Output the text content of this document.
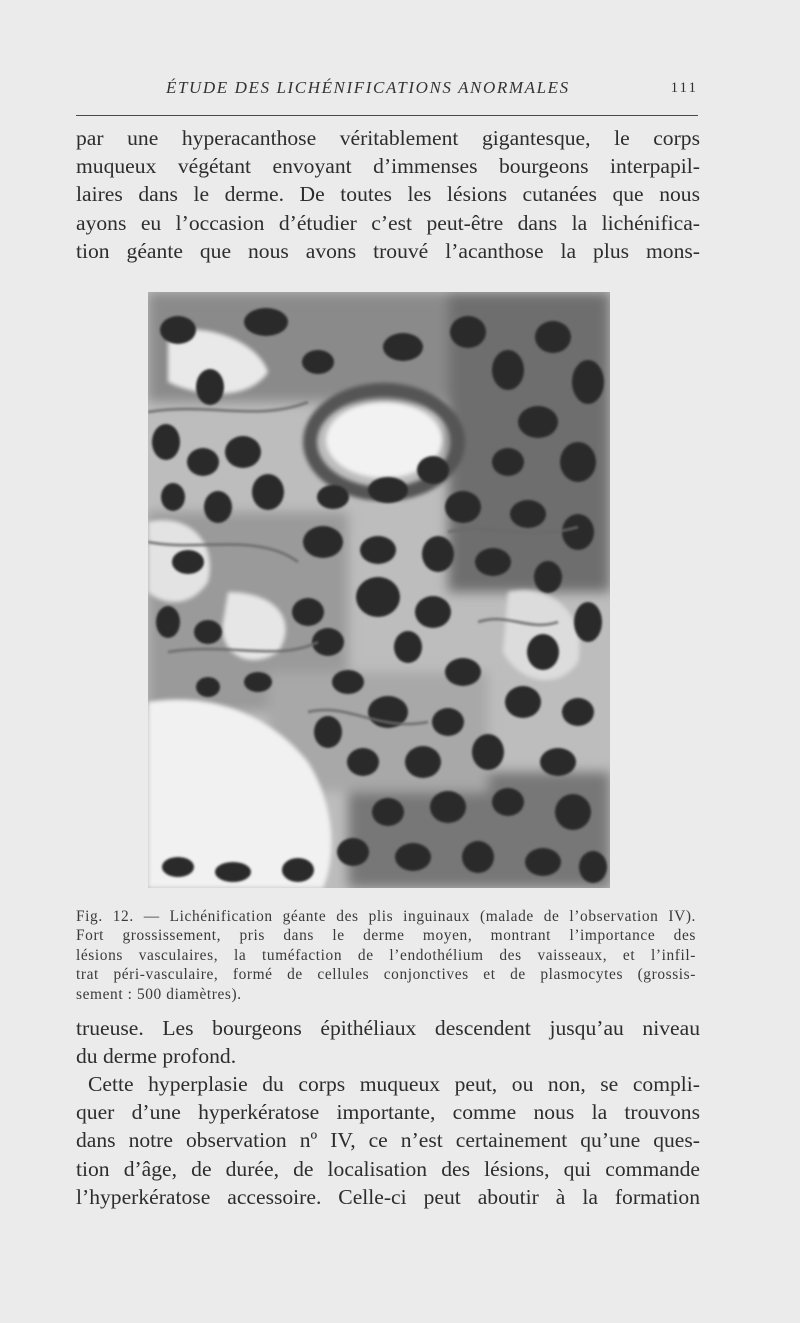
ÉTUDE DES LICHÉNIFICATIONS ANORMALES	111

par une hyperacanthose véritablement gigantesque, le corps
muqueux végétant envoyant d’immenses bourgeons interpapil-
laires dans le derme. De toutes les lésions cutanées que nous
ayons eu l’occasion d’étudier c’est peut-être dans la lichénifica-
tion géante que nous avons trouvé l’acanthose la plus mons-

Fig. 12. — Lichénification géante des plis inguinaux (malade de l’observation IV).
Fort grossissement, pris dans le derme moyen, montrant l’importance des
lésions vasculaires, la tuméfaction de l’endothélium des vaisseaux, et l’infil-
trat péri-vasculaire, formé de cellules conjonctives et de plasmocytes (grossis-
sement : 500 diamètres).

trueuse. Les bourgeons épithéliaux descendent jusqu’au niveau
du derme profond.

Cette hyperplasie du corps muqueux peut, ou non, se compli-
quer d’une hyperkératose importante, comme nous la trouvons
dans notre observation nº IV, ce n’est certainement qu’une ques-
tion d’âge, de durée, de localisation des lésions, qui commande
l’hyperkératose accessoire. Celle-ci peut aboutir à la formation
